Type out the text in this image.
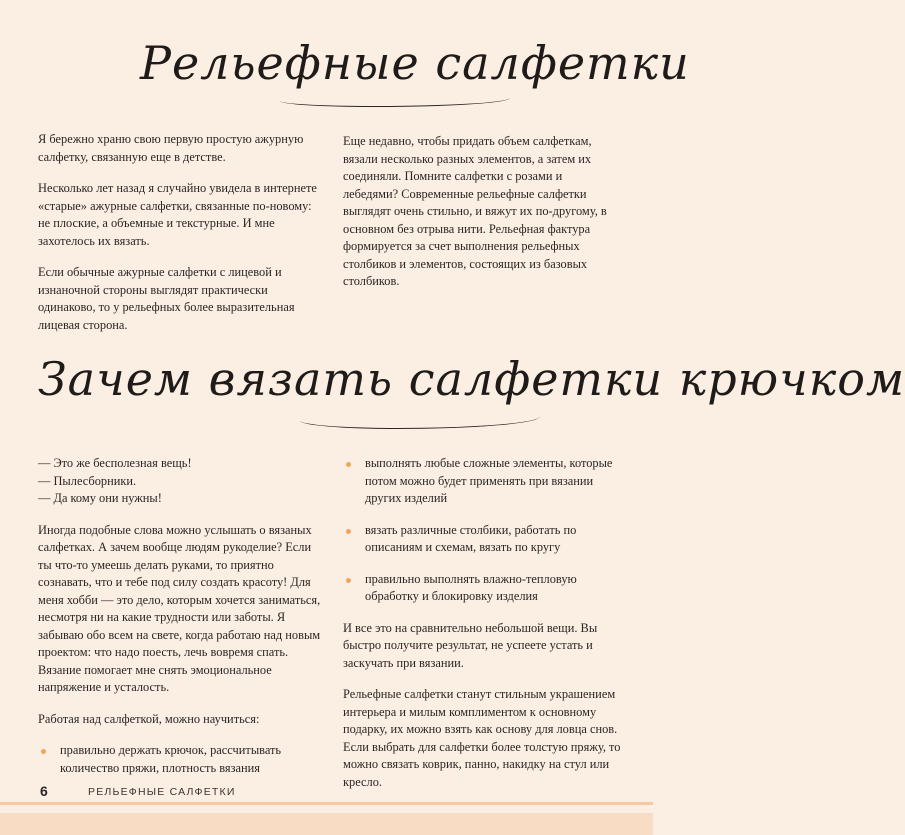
Рельефные салфетки

Я бережно храню свою первую простую ажурную салфетку, связанную еще в детстве.

Несколько лет назад я случайно увидела в интернете «старые» ажурные салфетки, связанные по-новому: не плоские, а объемные и текстурные. И мне захотелось их вязать.

Если обычные ажурные салфетки с лицевой и изнаночной стороны выглядят практически одинаково, то у рельефных более выразительная лицевая сторона.

Еще недавно, чтобы придать объем салфеткам, вязали несколько разных элементов, а затем их соединяли. Помните салфетки с розами и лебедями? Современные рельефные салфетки выглядят очень стильно, и вяжут их по-другому, в основном без отрыва нити. Рельефная фактура формируется за счет выполнения рельефных столбиков и элементов, состоящих из базовых столбиков.

Зачем вязать салфетки крючком
— Это же бесполезная вещь!
— Пылесборники.
— Да кому они нужны!

Иногда подобные слова можно услышать о вязаных салфетках. А зачем вообще людям рукоделие? Если ты что-то умеешь делать руками, то приятно сознавать, что и тебе под силу создать красоту! Для меня хобби — это дело, которым хочется заниматься, несмотря ни на какие трудности или заботы. Я забываю обо всем на свете, когда работаю над новым проектом: что надо поесть, лечь вовремя спать. Вязание помогает мне снять эмоциональное напряжение и усталость.

Работая над салфеткой, можно научиться:

правильно держать крючок, рассчитывать количество пряжи, плотность вязания
выполнять любые сложные элементы, которые потом можно будет применять при вязании других изделий
вязать различные столбики, работать по описаниям и схемам, вязать по кругу
правильно выполнять влажно-тепловую обработку и блокировку изделия

И все это на сравнительно небольшой вещи. Вы быстро получите результат, не успеете устать и заскучать при вязании.

Рельефные салфетки станут стильным украшением интерьера и милым комплиментом к основному подарку, их можно взять как основу для ловца снов. Если выбрать для салфетки более толстую пряжу, то можно связать коврик, панно, накидку на стул или кресло.

6	РЕЛЬЕФНЫЕ САЛФЕТКИ
